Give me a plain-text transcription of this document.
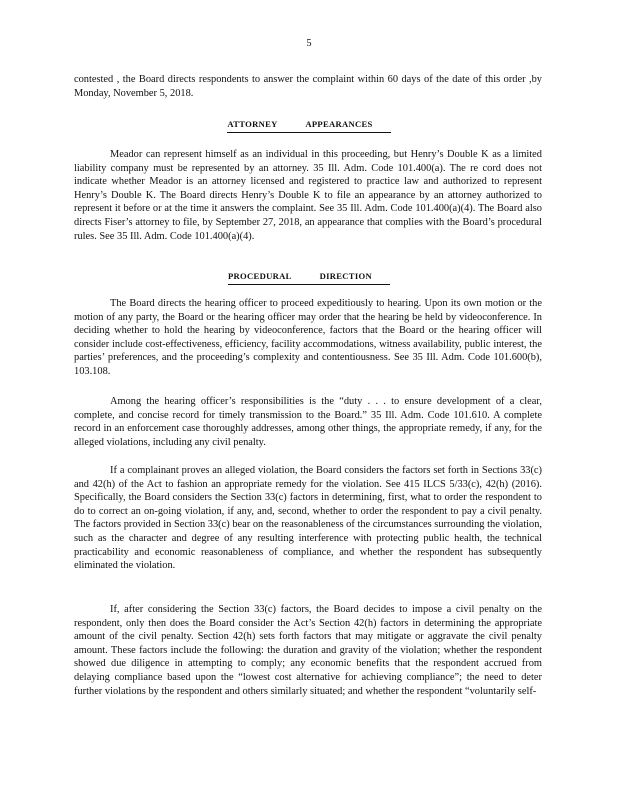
5

contested , the Board directs respondents to answer the complaint within 60 days of the date of this order ,by Monday, November 5, 2018.

ATTORNEY APPEARANCES

Meador can represent himself as an individual in this proceeding, but Henry’s Double K as a limited liability company must be represented by an attorney. 35 Ill. Adm. Code 101.400(a). The re cord does not indicate whether Meador is an attorney licensed and registered to practice law and authorized to represent Henry’s Double K. The Board directs Henry’s Double K to file an appearance by an attorney authorized to represent it before or at the time it answers the complaint. See 35 Ill. Adm. Code 101.400(a)(4). The Board also directs Fiser’s attorney to file, by September 27, 2018, an appearance that complies with the Board’s procedural rules. See 35 Ill. Adm. Code 101.400(a)(4).

PROCEDURAL DIRECTION

The Board directs the hearing officer to proceed expeditiously to hearing. Upon its own motion or the motion of any party, the Board or the hearing officer may order that the hearing be held by videoconference. In deciding whether to hold the hearing by videoconference, factors that the Board or the hearing officer will consider include cost-effectiveness, efficiency, facility accommodations, witness availability, public interest, the parties’ preferences, and the proceeding’s complexity and contentiousness. See 35 Ill. Adm. Code 101.600(b), 103.108.

Among the hearing officer’s responsibilities is the “duty . . . to ensure development of a clear, complete, and concise record for timely transmission to the Board.” 35 Ill. Adm. Code 101.610. A complete record in an enforcement case thoroughly addresses, among other things, the appropriate remedy, if any, for the alleged violations, including any civil penalty.

If a complainant proves an alleged violation, the Board considers the factors set forth in Sections 33(c) and 42(h) of the Act to fashion an appropriate remedy for the violation. See 415 ILCS 5/33(c), 42(h) (2016). Specifically, the Board considers the Section 33(c) factors in determining, first, what to order the respondent to do to correct an on-going violation, if any, and, second, whether to order the respondent to pay a civil penalty. The factors provided in Section 33(c) bear on the reasonableness of the circumstances surrounding the violation, such as the character and degree of any resulting interference with protecting public health, the technical practicability and economic reasonableness of compliance, and whether the respondent has subsequently eliminated the violation.

If, after considering the Section 33(c) factors, the Board decides to impose a civil penalty on the respondent, only then does the Board consider the Act’s Section 42(h) factors in determining the appropriate amount of the civil penalty. Section 42(h) sets forth factors that may mitigate or aggravate the civil penalty amount. These factors include the following: the duration and gravity of the violation; whether the respondent showed due diligence in attempting to comply; any economic benefits that the respondent accrued from delaying compliance based upon the “lowest cost alternative for achieving compliance”; the need to deter further violations by the respondent and others similarly situated; and whether the respondent “voluntarily self-
